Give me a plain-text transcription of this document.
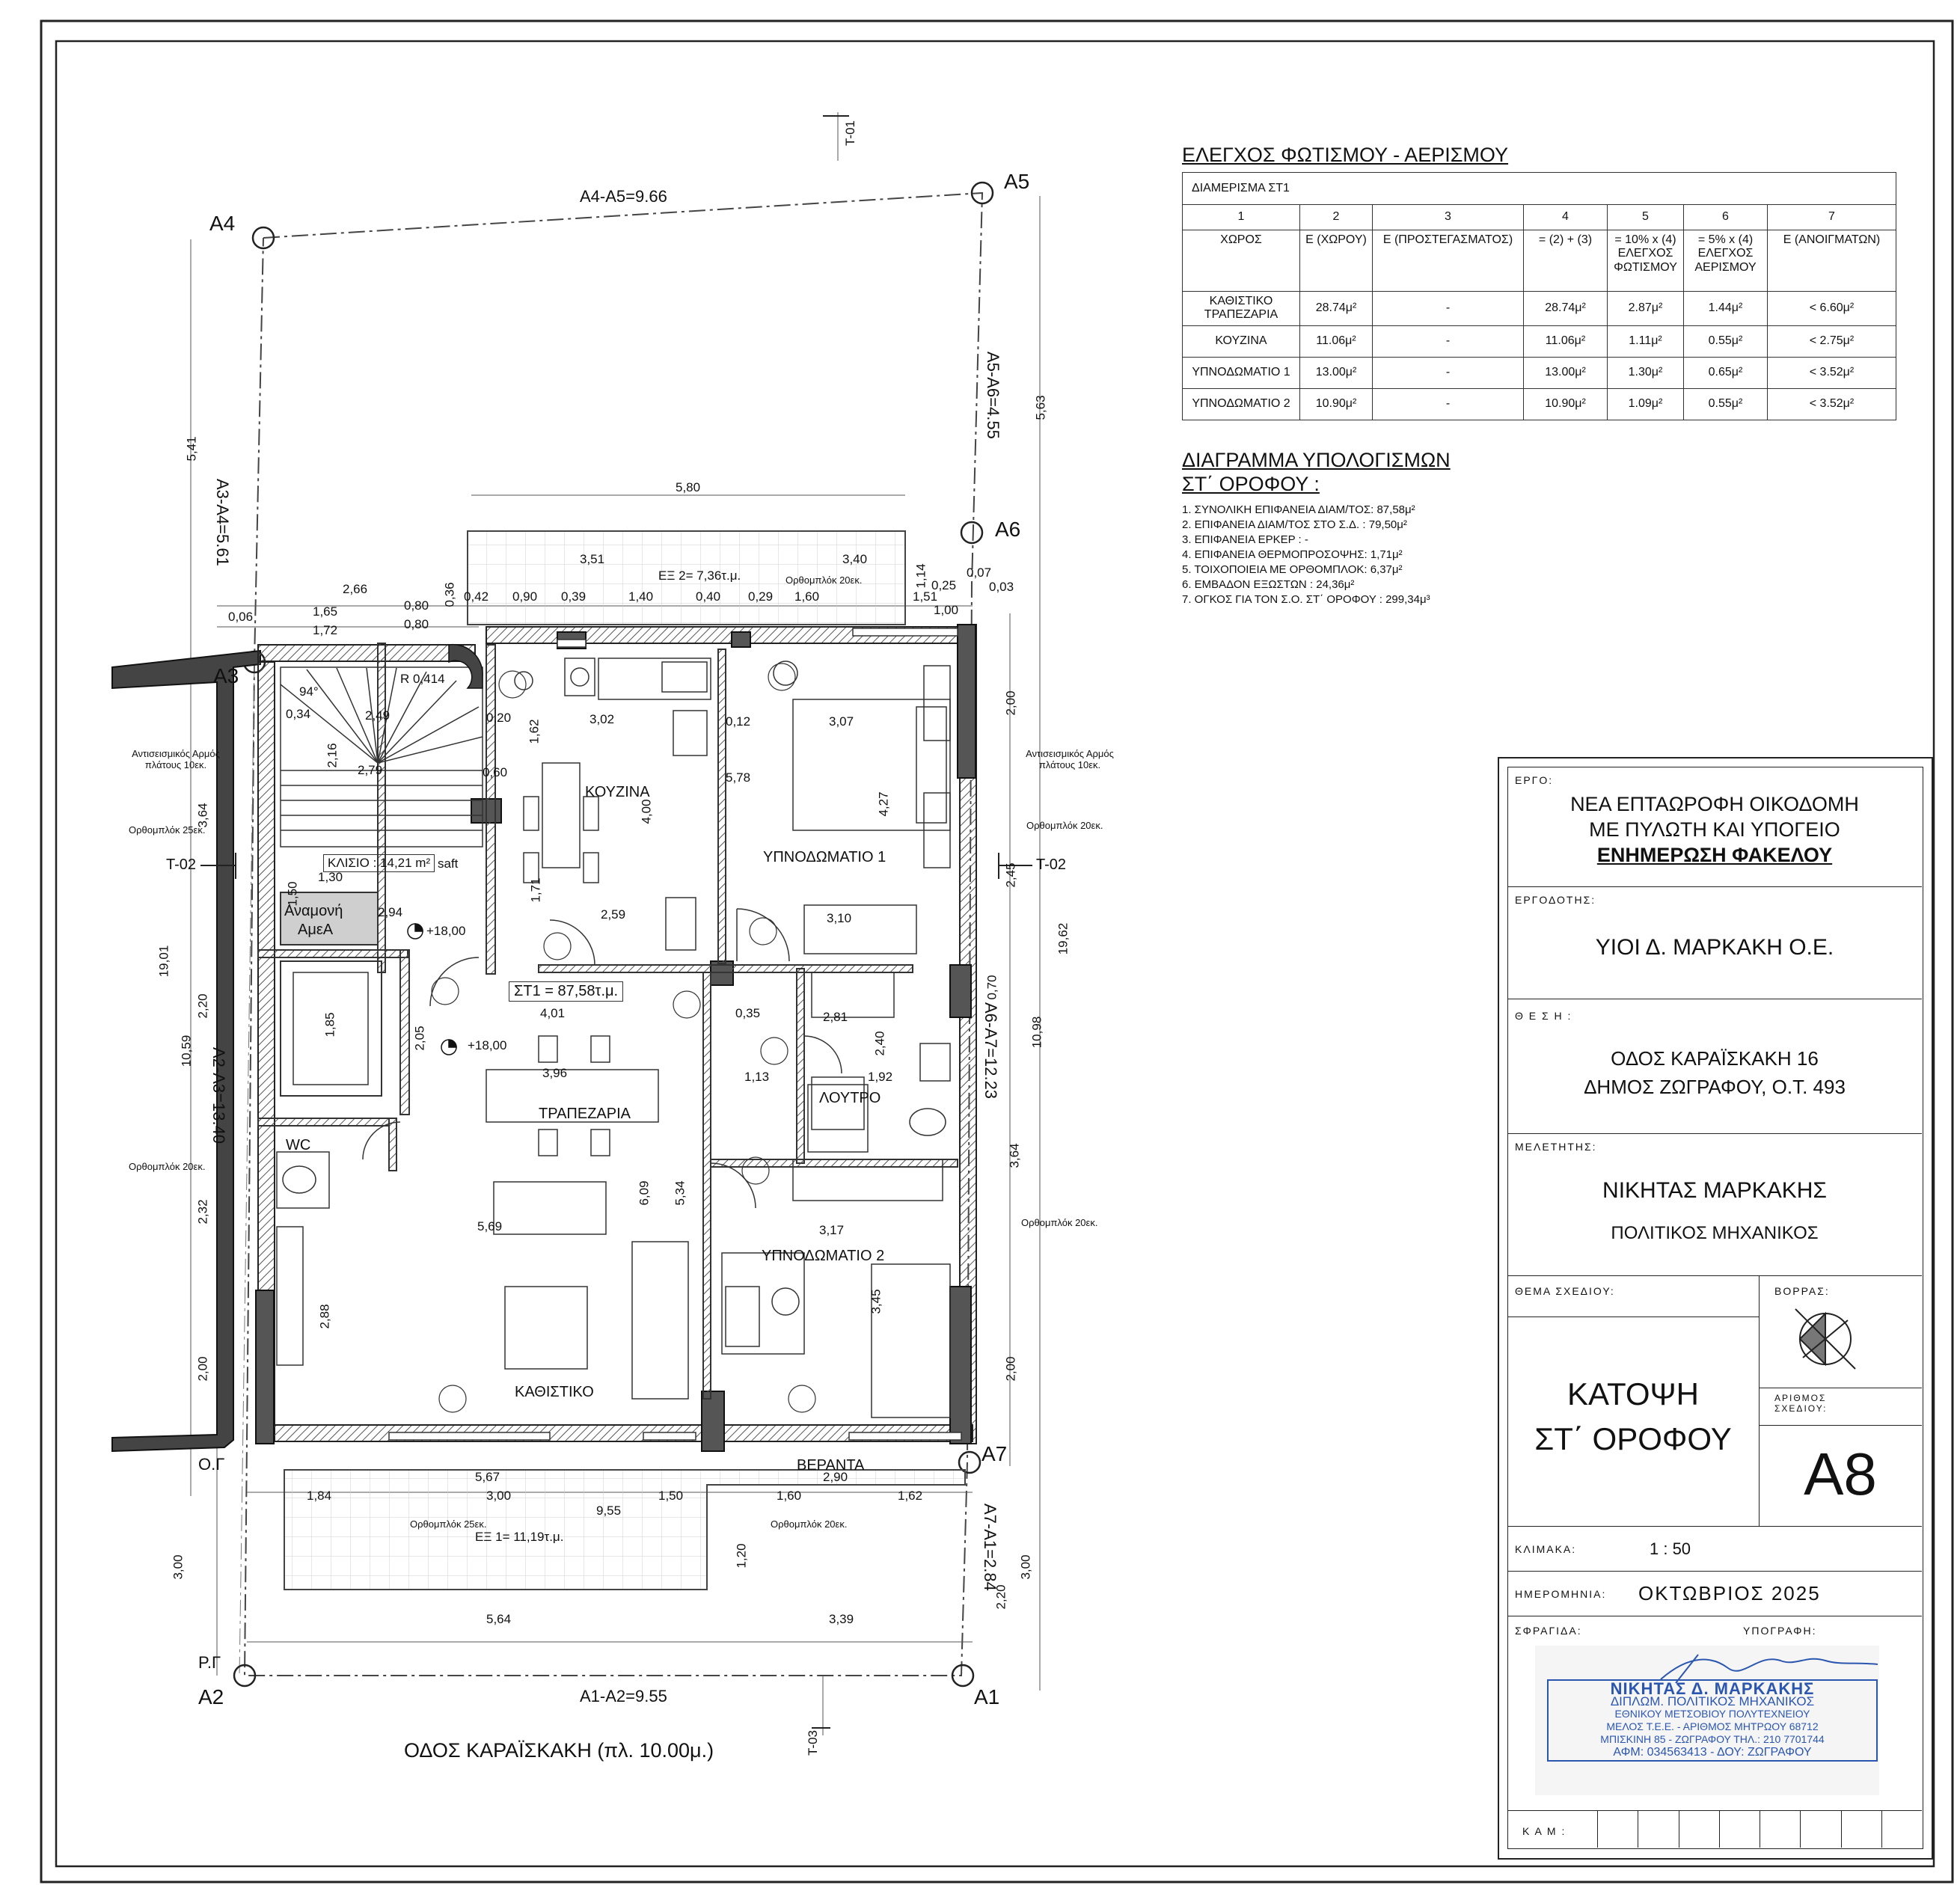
A4
A5
A6
A3
A7
A2	A1
A4-A5=9.66
A5-A6=4.55
A3-A4=5.61
A6-A7=12.23
A2-A3=13.40
A7-A1=2.84
A1-A2=9.55
Ο.Γ
Ρ.Γ
T-02	T-02
T-01
T-03
ΚΟΥΖΙΝΑ
ΥΠΝΟΔΩΜΑΤΙΟ 1
ΤΡΑΠΕΖΑΡΙΑ
ΛΟΥΤΡΟ
WC
ΚΑΘΙΣΤΙΚΟ
ΥΠΝΟΔΩΜΑΤΙΟ 2
ΒΕΡΑΝΤΑ
Αναμονή
ΑμεΑ
ΣΤ1 = 87,58τ.μ.
ΚΛΙΣΙΟ : 14,21 m² saft
ΕΞ 1= 11,19τ.μ.
ΕΞ 2= 7,36τ.μ.
+18,00
+18,00
R 0,414
94°
Αντισεισμικός Αρμός πλάτους 10εκ.
Αντισεισμικός Αρμός πλάτους 10εκ.
Ορθομπλόκ 25εκ.	Ορθομπλόκ 20εκ.
Ορθομπλόκ 20εκ.
Ορθομπλόκ 20εκ.
Ορθομπλόκ 20εκ.
Ορθομπλόκ 25εκ.	Ορθομπλόκ 20εκ.
5,80
3,51	3,40
2,66
1,65
1,72
0,80
0,80
0,06
0,36 0,42 0,90 0,39	1,40	0,40 0,29 1,60	1,51
1,00
0,25
0,07
0,03
1,14
5,41
5,63
3,02	3,07
4,27
5,78
4,00
2,79
2,49
2,16
0,34
2,59	3,10
2,94
4,01	2,81
3,96	1,13	1,92
2,40
6,09 5,34
5,69	3,17
3,45
2,88
1,85
19,01
10,59
19,62
10,98
3,64
3,64
2,45
2,00
2,00
2,00
2,32
2,20
5,67
3,00	1,50	1,60	1,62
2,90
9,55
1,84
5,64	3,39
3,00	3,00
1,20
2,20
0,70
0,35
0,12
2,05
0,20
0,60
1,62
1,71
1,30
1,50
ΟΔΟΣ ΚΑΡΑΪΣΚΑΚΗ (πλ. 10.00μ.)
ΕΛΕΓΧΟΣ ΦΩΤΙΣΜΟΥ - ΑΕΡΙΣΜΟΥ
ΔΙΑΜΕΡΙΣΜΑ ΣΤ1						
1	2	3	4	5	6	7
ΧΩΡΟΣ	Ε (ΧΩΡΟΥ)	Ε (ΠΡΟΣΤΕΓΑΣΜΑΤΟΣ)	= (2) + (3)	= 10% x (4) ΕΛΕΓΧΟΣ ΦΩΤΙΣΜΟΥ	= 5% x (4) ΕΛΕΓΧΟΣ ΑΕΡΙΣΜΟΥ	Ε (ΑΝΟΙΓΜΑΤΩΝ)
ΚΑΘΙΣΤΙΚΟ ΤΡΑΠΕΖΑΡΙΑ	28.74μ²	-	28.74μ²	2.87μ²	1.44μ²	< 6.60μ²
ΚΟΥΖΙΝΑ	11.06μ²	-	11.06μ²	1.11μ²	0.55μ²	< 2.75μ²
ΥΠΝΟΔΩΜΑΤΙΟ 1	13.00μ²	-	13.00μ²	1.30μ²	0.65μ²	< 3.52μ²
ΥΠΝΟΔΩΜΑΤΙΟ 2	10.90μ²	-	10.90μ²	1.09μ²	0.55μ²	< 3.52μ²
ΔΙΑΓΡΑΜΜΑ ΥΠΟΛΟΓΙΣΜΩΝ
ΣΤ΄ ΟΡΟΦΟΥ :
1. ΣΥΝΟΛΙΚΗ ΕΠΙΦΑΝΕΙΑ ΔΙΑΜ/ΤΟΣ: 87,58μ²
2. ΕΠΙΦΑΝΕΙΑ ΔΙΑΜ/ΤΟΣ ΣΤΟ Σ.Δ. : 79,50μ²
3. ΕΠΙΦΑΝΕΙΑ ΕΡΚΕΡ : -
4. ΕΠΙΦΑΝΕΙΑ ΘΕΡΜΟΠΡΟΣΟΨΗΣ: 1,71μ²
5. ΤΟΙΧΟΠΟΙΕΙΑ ΜΕ ΟΡΘΟΜΠΛΟΚ: 6,37μ²
6. ΕΜΒΑΔΟΝ ΕΞΩΣΤΩΝ : 24,36μ²
7. ΟΓΚΟΣ ΓΙΑ ΤΟΝ Σ.Ο. ΣΤ΄ ΟΡΟΦΟΥ : 299,34μ³
ΕΡΓΟ:
ΝΕΑ ΕΠΤΑΩΡΟΦΗ ΟΙΚΟΔΟΜΗ
ΜΕ ΠΥΛΩΤΗ ΚΑΙ ΥΠΟΓΕΙΟ
ΕΝΗΜΕΡΩΣΗ ΦΑΚΕΛΟΥ
ΕΡΓΟΔΟΤΗΣ:
ΥΙΟΙ Δ. ΜΑΡΚΑΚΗ Ο.Ε.
Θ Ε Σ Η :
ΟΔΟΣ ΚΑΡΑΪΣΚΑΚΗ 16
ΔΗΜΟΣ ΖΩΓΡΑΦΟΥ, Ο.Τ. 493
ΜΕΛΕΤΗΤΗΣ:
ΝΙΚΗΤΑΣ ΜΑΡΚΑΚΗΣ
ΠΟΛΙΤΙΚΟΣ ΜΗΧΑΝΙΚΟΣ
ΘΕΜΑ ΣΧΕΔΙΟΥ:	ΒΟΡΡΑΣ:
ΚΑΤΟΨΗ
ΣΤ΄ ΟΡΟΦΟΥ
ΑΡΙΘΜΟΣ ΣΧΕΔΙΟΥ:
Α8
ΚΛΙΜΑΚΑ:	1 : 50
ΗΜΕΡΟΜΗΝΙΑ: ΟΚΤΩΒΡΙΟΣ 2025
ΣΦΡΑΓΙΔΑ:	ΥΠΟΓΡΑΦΗ:
Κ Α Μ :
ΝΙΚΗΤΑΣ Δ. ΜΑΡΚΑΚΗΣ
ΔΙΠΛΩΜ. ΠΟΛΙΤΙΚΟΣ ΜΗΧΑΝΙΚΟΣ
ΕΘΝΙΚΟΥ ΜΕΤΣΟΒΙΟΥ ΠΟΛΥΤΕΧΝΕΙΟΥ
ΜΕΛΟΣ Τ.Ε.Ε. - ΑΡΙΘΜΟΣ ΜΗΤΡΩΟΥ 68712
ΜΠΙΣΚΙΝΗ 85 - ΖΩΓΡΑΦΟΥ ΤΗΛ.: 210 7701744
ΑΦΜ: 034563413 - ΔΟΥ: ΖΩΓΡΑΦΟΥ
